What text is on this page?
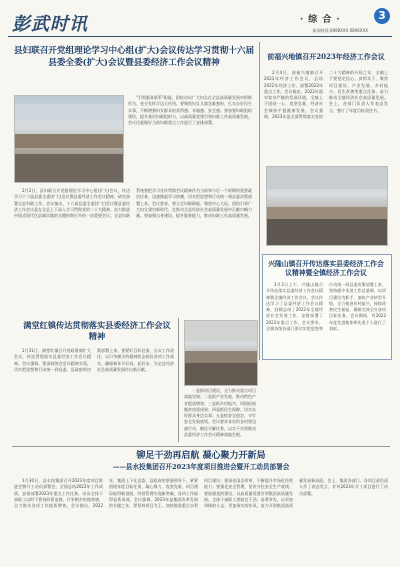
彭武时讯	· 综 合 ·	3
新闻热线:0898XXX 0896XXX
县妇联召开党组理论学习中心组(扩大)会议传达学习贯彻十六届县委全委(扩大)会议暨县委经济工作会议精神
"引领服务联系"职能，团结动员广大妇女在全县高质量发展中积极作为，充分发挥半边天作用。要聚焦妇女儿童急难愁盼，扎实办好民生实事，不断增强妇女群众的获得感、幸福感、安全感。要加强妇联组织建设，提升基层妇联组织力，以高质量党建引领妇联工作高质量发展。会议还就做好当前妇联重点工作进行了安排部署。
2月2日，县妇联召开党组理论学习中心组(扩大)会议，传达学习十六届县委全委(扩大)会议暨县委经济工作会议精神，研究部署全县妇联工作。会议指出，十六届县委全委(扩大)会议暨县委经济工作会议是在全县上下深入学习贯彻党的二十大精神、奋力推进中国式现代化县域实践的关键时期召开的一次重要会议。全县妇联系统要把学习宣传贯彻会议精神作为当前和今后一个时期的重要政治任务，迅速掀起学习热潮，切实把思想和行动统一到县委决策部署上来。会议要求，要立足妇联职能，聚焦中心大局，团结引领广大妇女建功新时代，在推动全县经济社会高质量发展中贡献巾帼力量。要加强自身建设，提升服务能力，推动妇联工作高质量发展。
前福兴地镇召开2023年经济工作会议
2月4日，前福兴地镇召开2023年经济工作会议，总结2022年经济工作，部署2023年重点工作。会议指出，2022年面对复杂严峻的发展环境，全镇上下团结一心、攻坚克难，经济社会保持平稳健康发展。会议强调，2023年是全面贯彻落实党的二十大精神的开局之年，全镇上下要坚定信心、真抓实干，聚焦项目建设、产业发展、乡村振兴、民生改善等重点任务，奋力推动全镇经济社会高质量发展。会上，各部门负责人作表态发言，签订了年度目标责任书。
兴隆山镇召开传达落实县委经济工作会议精神暨全镇经济工作会议
2月3日上午，兴隆山镇召开传达落实县委经济工作会议精神暨全镇经济工作会议。会议传达学习了县委经济工作会议精神，回顾总结了2022年全镇经济社会发展工作，安排部署了2023年重点工作。会议要求，全镇各级各部门要切实把思想和行动统一到县委决策部署上来，坚持稳中求进工作总基调，以项目建设为抓手，加快产业转型升级，全力推进乡村振兴，持续改善民生福祉，确保完成全年各项目标任务。会议期间，对2022年度先进集体和先进个人进行了表彰。
满堂红镇传达贯彻落实县委经济工作会议精神
1月31日，满堂红镇召开党政联席扩大会议，传达贯彻落实县委经济工作会议精神。会议强调，要深刻领会会议精神实质，切实把思想和行动统一到县委、县政府的决策部署上来。要紧盯目标任务，压实工作责任，以只争朝夕的精神状态抓好各项工作落实，确保新年开好局、起好步，为全县经济社会高质量发展作出新贡献。
一是抓项目建设，全力推动重点项目落地见效；二是抓产业发展，推动特色产业提质增效；三是抓乡村振兴，巩固拓展脱贫攻坚成果；四是抓民生保障，切实办好群众身边实事；五是抓安全稳定，守牢安全发展底线。会议要求各站所各村要迅速行动，细化分解任务，以实干实绩推动县委经济工作会议精神落地生根。
铆足干劲再启航 凝心聚力开新局
——县水投集团召开2023年度项目推进会暨开工动员部署会
1月30日，县水投集团召开2023年度项目推进会暨开工动员部署会，全面总结2022年工作成绩，安排部署2023年重点工作任务，动员全体干部职工以时不我待的紧迫感、只争朝夕的使命感，全力推动各项工作提质增效。会议指出，2022年，集团上下在县委、县政府的坚强领导下，紧紧围绕年度目标任务，凝心聚力、攻坚克难，项目建设取得新进展，经营管理实现新突破，各项工作取得显著成效。会议强调，2023年是集团改革发展的关键之年，要坚持项目为王，加快推进重点水利项目建设；要深化国企改革，不断提升市场化经营能力；要强化安全管理，坚决守住安全生产底线；要加强党的建设，以高质量党建引领集团高质量发展。全体干部职工要鼓足干劲、奋勇争先，以更加昂扬的斗志、更加务实的作风，奋力开创集团高质量发展新局面。会上，集团各部门、各项目部负责人作了表态发言，并对2023年开工项目进行了动员部署。
